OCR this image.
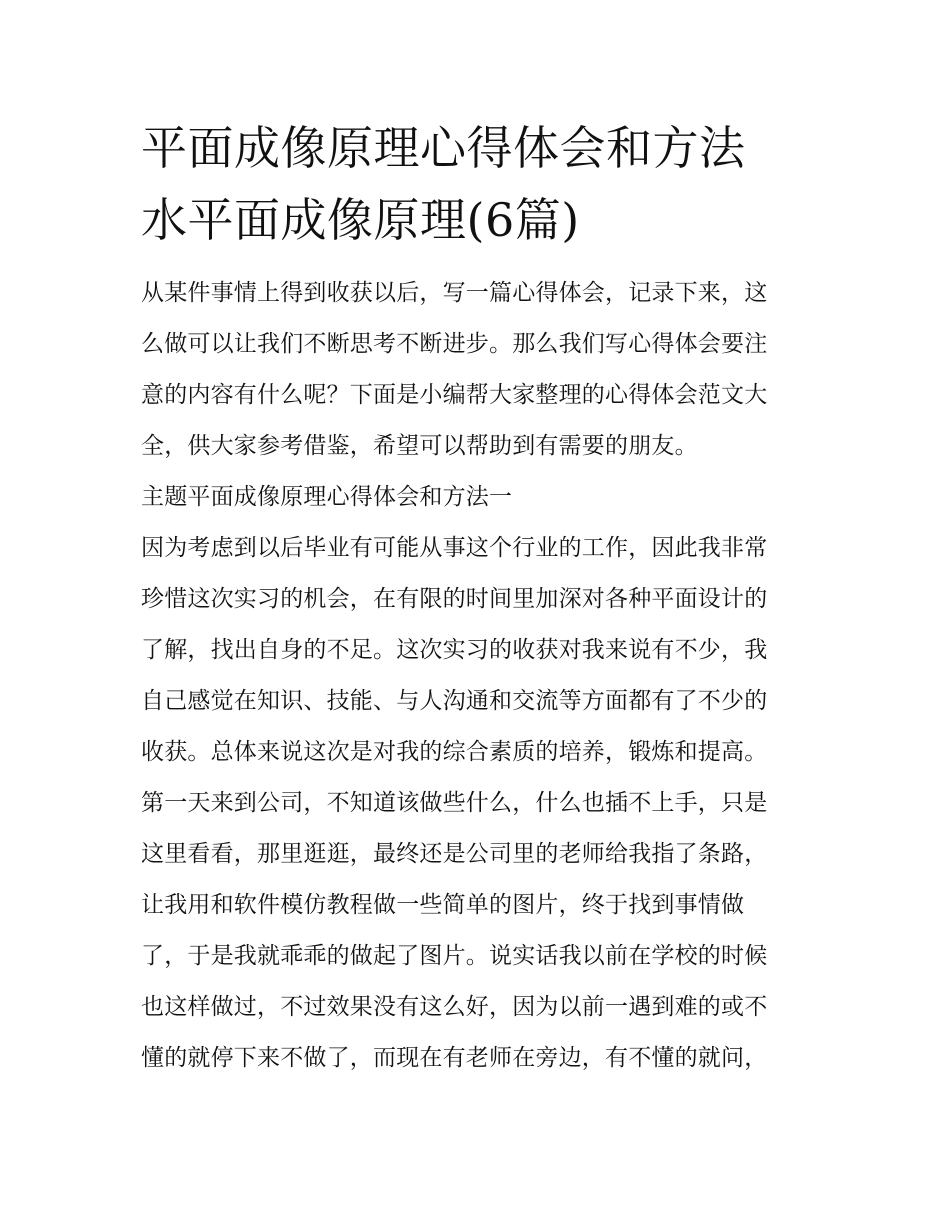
平面成像原理心得体会和方法
水平面成像原理(6篇)
从某件事情上得到收获以后，写一篇心得体会，记录下来，这
么做可以让我们不断思考不断进步。那么我们写心得体会要注
意的内容有什么呢？下面是小编帮大家整理的心得体会范文大
全，供大家参考借鉴，希望可以帮助到有需要的朋友。
主题平面成像原理心得体会和方法一
因为考虑到以后毕业有可能从事这个行业的工作，因此我非常
珍惜这次实习的机会，在有限的时间里加深对各种平面设计的
了解，找出自身的不足。这次实习的收获对我来说有不少，我
自己感觉在知识、技能、与人沟通和交流等方面都有了不少的
收获。总体来说这次是对我的综合素质的培养，锻炼和提高。
第一天来到公司，不知道该做些什么，什么也插不上手，只是
这里看看，那里逛逛，最终还是公司里的老师给我指了条路，
让我用和软件模仿教程做一些简单的图片，终于找到事情做
了，于是我就乖乖的做起了图片。说实话我以前在学校的时候
也这样做过，不过效果没有这么好，因为以前一遇到难的或不
懂的就停下来不做了，而现在有老师在旁边，有不懂的就问，
